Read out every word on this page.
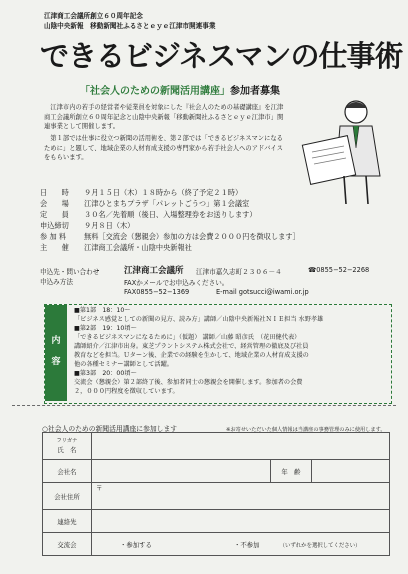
江津商工会議所創立６０周年記念
山陰中央新報　移動新聞社ふるさとｅｙｅ江津市開連事業
できるビジネスマンの仕事術
「社会人のための新聞活用講座」参加者募集
　江津市内の若手の経営者や従業員を対象にした『社会人のための基礎講座』を江津商工会議所創立６０周年記念と山陰中央新報「移動新聞社ふるさとｅｙｅ江津市」関連事業として開催します。
　第１部では仕事に役立つ新聞の活用術を、第２部では「できるビジネスマンになるために」と題して、地域企業の人材育成支援の専門家から若手社会人へのアドバイスをもらいます。
日　　時 ９月１５日（木）１８時から（終了予定２１時）
会　　場 江津ひとまちプラザ「パレットごうつ」第１会議室
定　　員 ３０名／先着順（後日、入場整理券をお送りします）
申込締切 ９月８日（木）
参 加 料 無料［交流会（懇親会）参加の方は会費２０００円を徴収します］
主　　催 江津商工会議所・山陰中央新報社
申込先・問い合わせ
申込み方法
江津商工会議所 江津市嘉久志町２３０６－４	☎0855−52−2268
FAXかメールでお申込みください。
FAX0855−52−1369	E-mail gotsucci@iwami.or.jp
■第1部　18：10～
「ビジネス感覚としての新聞の見方、読み方」講師／山陰中央新報社ＮＩＥ担当 水野孝雄
■第2部　19：10頃～
「できるビジネスマンになるために」（仮題） 講師／山藤 昭彦氏　（花田健代表）
講師紹介／江津市出身。東芝プラントシステム株式会社で、経営管理の徹底及び社員
教育などを担当。Ｕターン後、企業での経験を生かして、地域企業の人材育成支援の
他の各種セミナー講師として活躍。
■第3部　20：00頃～
交流会（懇親会）第２部終了後、参加者同士の懇親会を開催します。参加者の会費
２，０００円程度を徴収しています。
内
容
○社会人のための新聞活用講座に参加します	※お寄せいただいた個人情報は当講座の事務管理のみに使用します。
フリガナ
氏　名			

会社名		年　齢	
会社住所	〒		
連絡先			
交流会	・参加する ・不参加 （いずれかを選択してください）		
